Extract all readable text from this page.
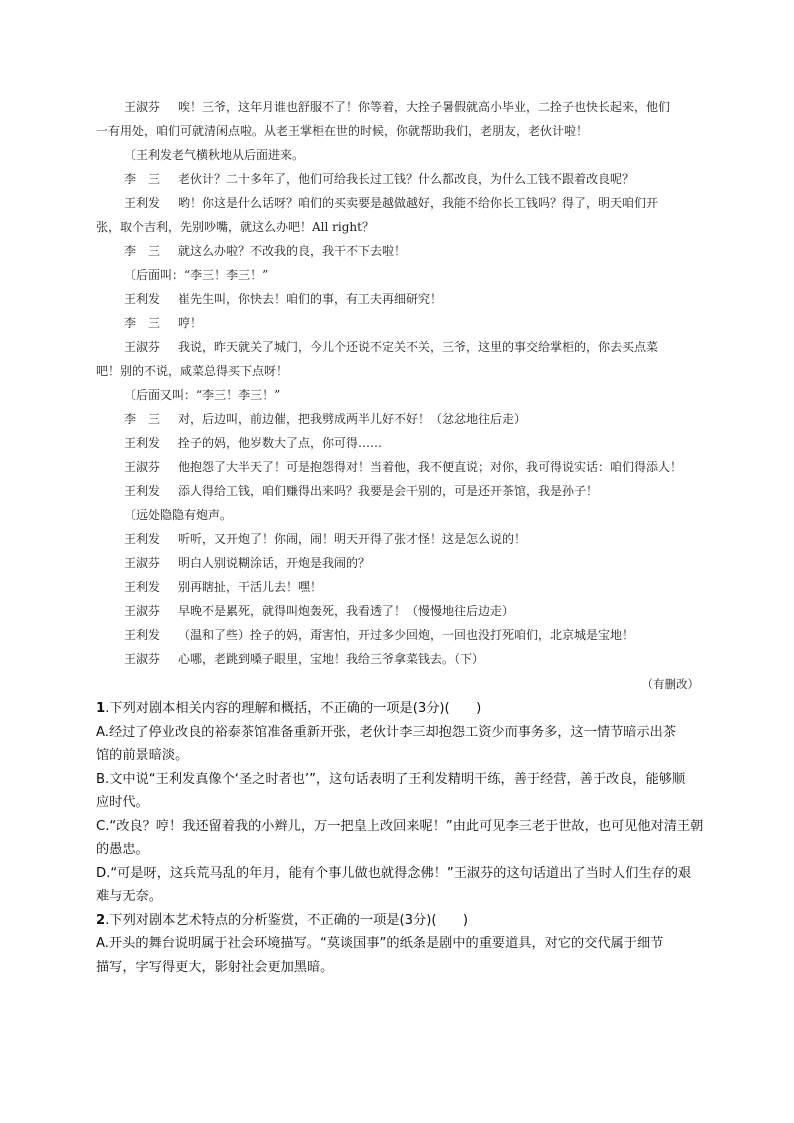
王淑芬 唉！三爷，这年月谁也舒服不了！你等着，大拴子暑假就高小毕业，二拴子也快长起来，他们
一有用处，咱们可就清闲点啦。从老王掌柜在世的时候，你就帮助我们，老朋友，老伙计啦！
〔王利发老气横秋地从后面进来。
李　三 老伙计？二十多年了，他们可给我长过工钱？什么都改良，为什么工钱不跟着改良呢？
王利发 哟！你这是什么话呀？咱们的买卖要是越做越好，我能不给你长工钱吗？得了，明天咱们开
张，取个吉利，先别吵嘴，就这么办吧！All right？
李　三 就这么办啦？不改我的良，我干不下去啦！
〔后面叫：“李三！李三！”
王利发 崔先生叫，你快去！咱们的事，有工夫再细研究！
李　三 哼！
王淑芬 我说，昨天就关了城门，今儿个还说不定关不关，三爷，这里的事交给掌柜的，你去买点菜
吧！别的不说，咸菜总得买下点呀！
〔后面又叫：“李三！李三！”
李　三 对，后边叫，前边催，把我劈成两半儿好不好！（忿忿地往后走）
王利发 拴子的妈，他岁数大了点，你可得……
王淑芬 他抱怨了大半天了！可是抱怨得对！当着他，我不便直说；对你，我可得说实话：咱们得添人！
王利发 添人得给工钱，咱们赚得出来吗？我要是会干别的，可是还开茶馆，我是孙子！
〔远处隐隐有炮声。
王利发 听听，又开炮了！你闹，闹！明天开得了张才怪！这是怎么说的！
王淑芬 明白人别说糊涂话，开炮是我闹的？
王利发 别再瞎扯，干活儿去！嘿！
王淑芬 早晚不是累死，就得叫炮轰死，我看透了！（慢慢地往后边走）
王利发 （温和了些）拴子的妈，甭害怕，开过多少回炮，一回也没打死咱们，北京城是宝地！
王淑芬 心哪，老跳到嗓子眼里，宝地！我给三爷拿菜钱去。（下）
（有删改）

1.下列对剧本相关内容的理解和概括，不正确的一项是(3分)(　　)

A.经过了停业改良的裕泰茶馆准备重新开张，老伙计李三却抱怨工资少而事务多，这一情节暗示出茶

馆的前景暗淡。

B.文中说“王利发真像个‘圣之时者也’”，这句话表明了王利发精明干练，善于经营，善于改良，能够顺

应时代。

C.“改良？哼！我还留着我的小辫儿，万一把皇上改回来呢！”由此可见李三老于世故，也可见他对清王朝

的愚忠。

D.“可是呀，这兵荒马乱的年月，能有个事儿做也就得念佛！”王淑芬的这句话道出了当时人们生存的艰

难与无奈。

2.下列对剧本艺术特点的分析鉴赏，不正确的一项是(3分)(　　)

A.开头的舞台说明属于社会环境描写。“莫谈国事”的纸条是剧中的重要道具，对它的交代属于细节

描写，字写得更大，影射社会更加黑暗。
